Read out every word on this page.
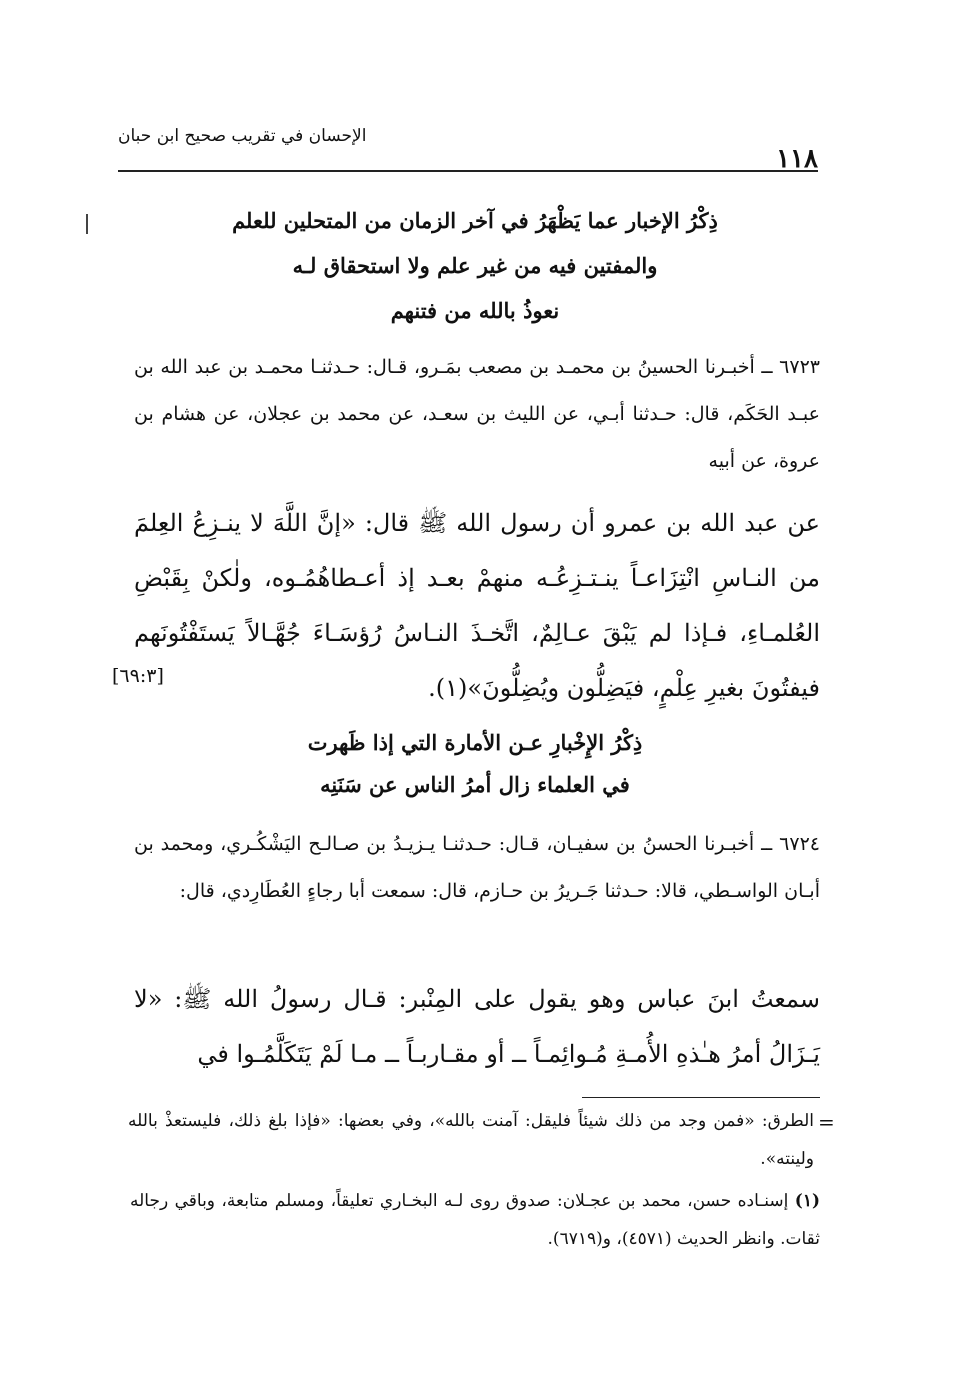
١١٨
الإحسان في تقريب صحيح ابن حبان
ذِكْرُ الإخبار عما يَظْهَرُ في آخر الزمان من المتحلين للعلم
والمفتين فيه من غير علم ولا استحقاق لـه
نعوذُ بالله من فتنهم
٦٧٢٣ ــ أخبـرنا الحسينُ بن محمـد بن مصعب بمَـرو، قـال: حـدثنـا محمـد بن عبد الله بن عبـد الحَكَم، قال: حـدثنا أبـي، عن الليث بن سعـد، عن محمد بن عجلان، عن هشام بن عروة، عن أبيه
عن عبد الله بن عمرو أن رسول الله ﷺ قال: «إنَّ اللَّهَ لا ينـزِعُ العِلمَ من النـاسِ انْتِزَاعـاً ينـتـزِعُـه منهمْ بعـد إذ أعـطاهُمُـوه، ولٰكنْ بِقَبْضِ العُلمـاءِ، فـإذا لم يَبْقَ عـالِمٌ، اتَّخـذَ النـاسُ رُؤسَـاءَ جُهَّـالاً يَستَفْتُونَهم فيفتُونَ بغيرِ عِلْمٍ، فيَضِلُّون ويُضِلُّونَ»(١).
[٦٩:٣]
ذِكْرُ الإِخْبارِ عـن الأمارة التي إذا ظَهرت
في العلماء زال أمرُ الناس عن سَنَنِه
٦٧٢٤ ــ أخبـرنا الحسنُ بن سفيـان، قـال: حـدثنـا يـزيـدُ بن صـالـح اليَشْكُـري، ومحمد بن أبـان الواسـطي، قالا: حـدثنا جَـريرُ بن حـازم، قال: سمعت أبا رجاءٍ العُطَارِدي، قال:
سمعتُ ابنَ عباس وهو يقول على المِنْبر: قـال رسولُ الله ﷺ: «لا يَـزَالُ أمرُ هـٰذهِ الأُمـةِ مُـوائِمـاً ــ أو مقـاربـاً ــ مـا لَمْ يَتَكَلَّمُـوا في
=
الطرق: «فمن وجد من ذلك شيئاً فليقل: آمنت بالله»، وفي بعضها: «فإذا بلغ ذلك، فليستعذْ بالله ولينته».
(١) إسنـاده حسن، محمد بن عجـلان: صدوق روى لـه البخـاري تعليقاً، ومسلم متابعة، وباقي رجاله ثقات. وانظر الحديث (٤٥٧١)، و(٦٧١٩).
